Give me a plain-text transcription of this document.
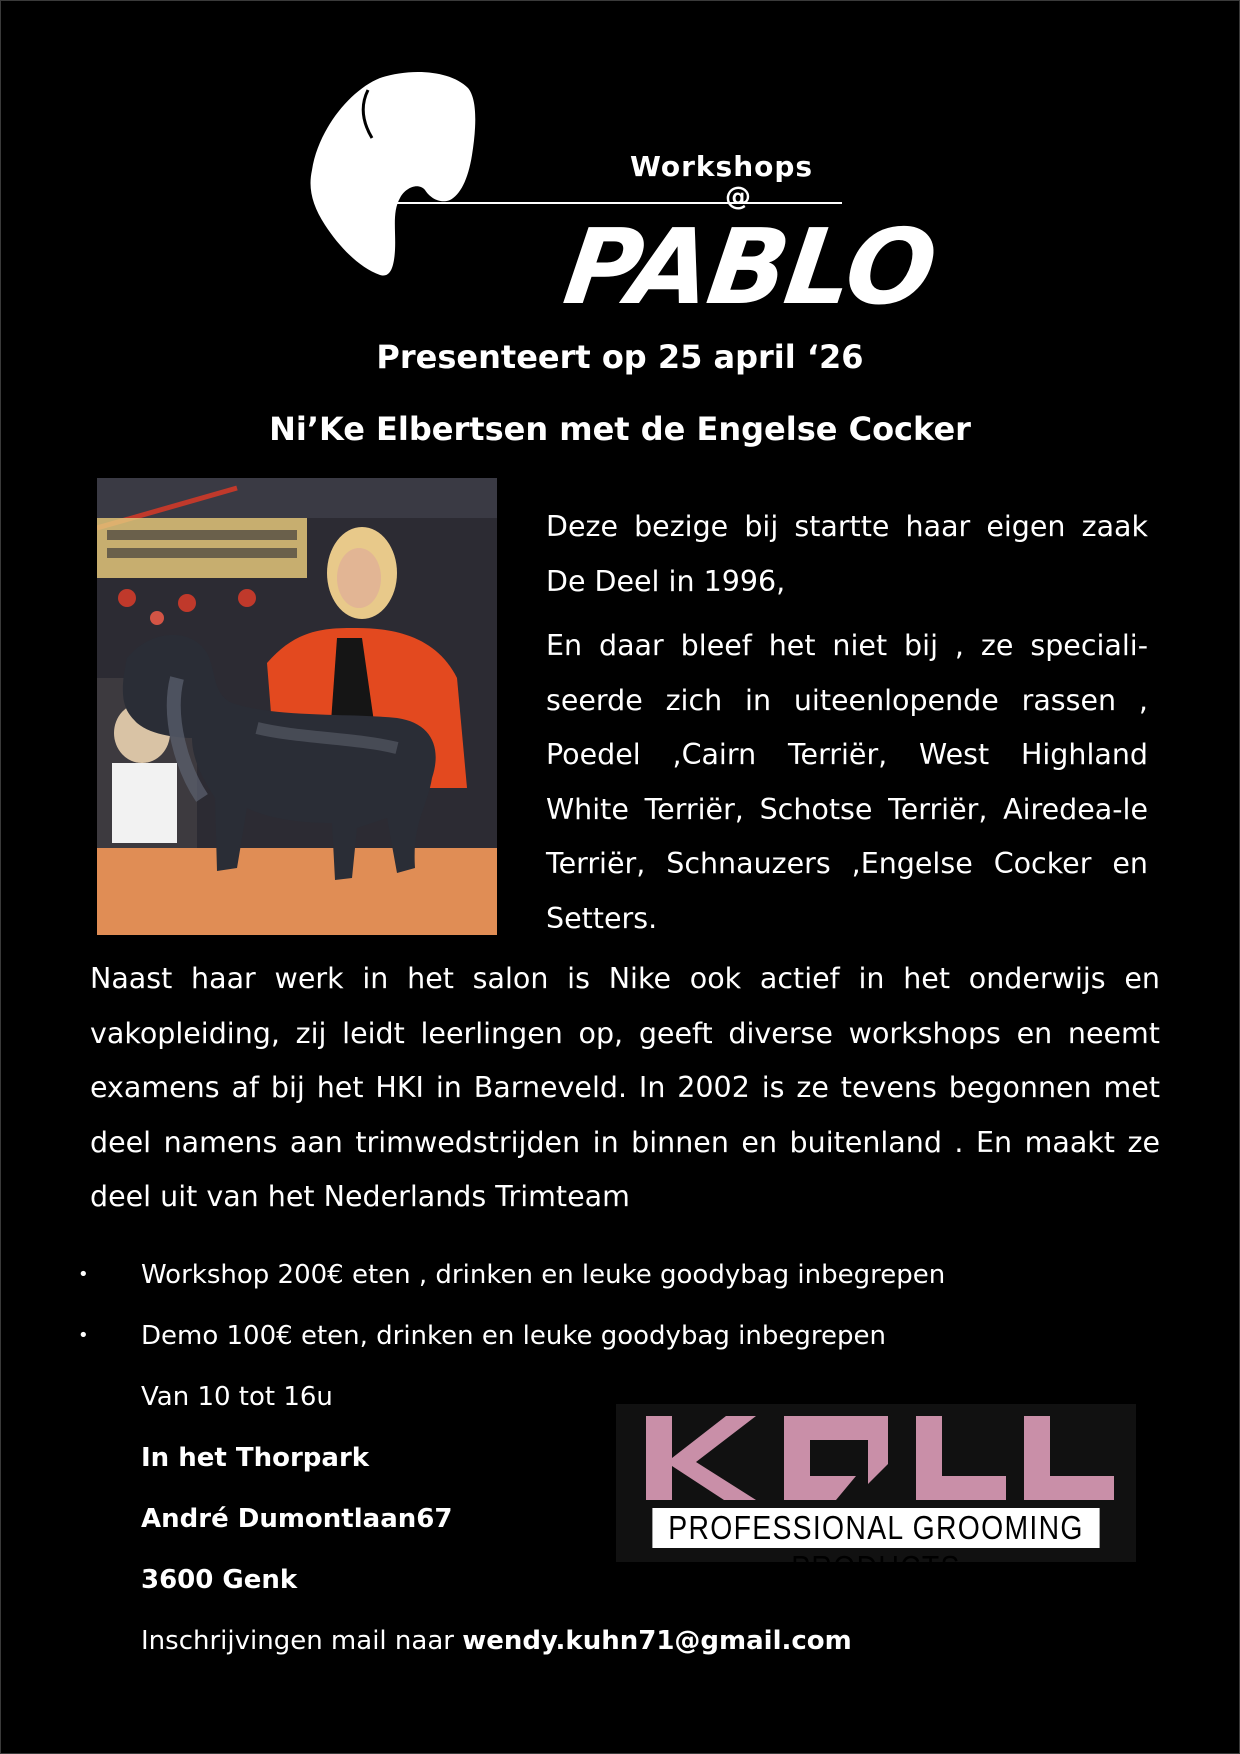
Workshops
@
PABLO
Presenteert op 25 april ‘26
Ni’Ke Elbertsen met de Engelse Cocker

Deze bezige bij startte haar eigen zaak De Deel in 1996,

En daar bleef het niet bij , ze speciali-seerde zich in uiteenlopende rassen , Poedel ,Cairn Terriër, West Highland White Terriër, Schotse Terriër, Airedea-le Terriër, Schnauzers ,Engelse Cocker en Setters.

Naast haar werk in het salon is Nike ook actief in het onderwijs en vakopleiding, zij leidt leerlingen op, geeft diverse workshops en neemt examens af bij het HKI in Barneveld. In 2002 is ze tevens begonnen met deel namens aan trimwedstrijden in binnen en buitenland . En maakt ze deel uit van het Nederlands Trimteam

• Workshop 200€ eten , drinken en leuke goodybag inbegrepen
• Demo 100€ eten, drinken en leuke goodybag inbegrepen
Van 10 tot 16u
In het Thorpark
André Dumontlaan67
3600 Genk
Inschrijvingen mail naar wendy.kuhn71@gmail.com
PROFESSIONAL GROOMING PRODUCTS
